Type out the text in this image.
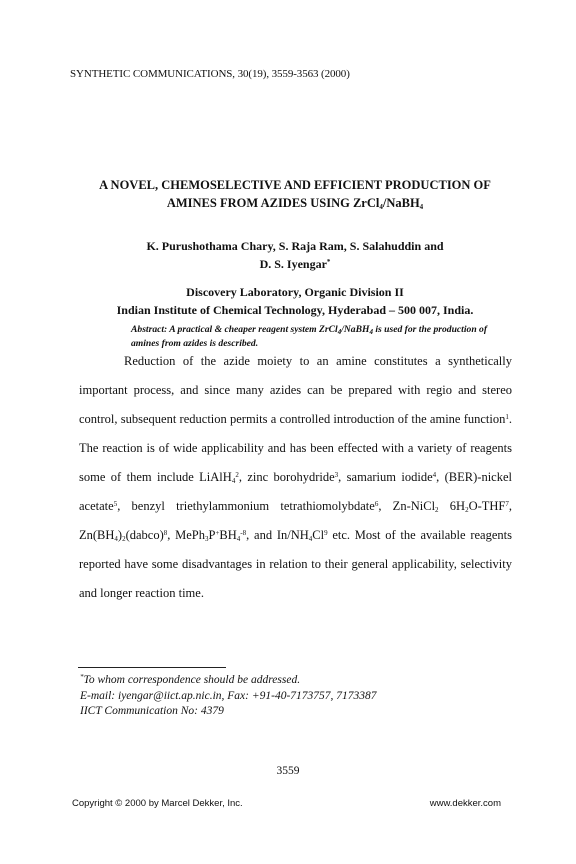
SYNTHETIC COMMUNICATIONS, 30(19), 3559-3563 (2000)
A NOVEL, CHEMOSELECTIVE AND EFFICIENT PRODUCTION OF
AMINES FROM AZIDES USING ZrCl$_4$/NaBH$_4$
K. Purushothama Chary, S. Raja Ram, S. Salahuddin and
D. S. Iyengar*
Discovery Laboratory, Organic Division II
Indian Institute of Chemical Technology, Hyderabad – 500 007, India.
Abstract: A practical & cheaper reagent system ZrCl$_4$/NaBH$_4$ is used for the production of amines from azides is described.

Reduction of the azide moiety to an amine constitutes a synthetically important process, and since many azides can be prepared with regio and stereo control, subsequent reduction permits a controlled introduction of the amine function$^1$. The reaction is of wide applicability and has been effected with a variety of reagents some of them include LiAlH$_4^2$, zinc borohydride$^3$, samarium iodide$^4$, (BER)-nickel acetate$^5$, benzyl triethylammonium tetrathiomolybdate$^6$, Zn-NiCl$_2$ $6H_2O-THF^7$, $Zn(BH_4)_2(dabco)^8$, $MePh_3P^+BH_4^{-8}$, and $In/NH_4Cl^9$ etc. Most of the available reagents reported have some disadvantages in relation to their general applicability, selectivity and longer reaction time.

*To whom correspondence should be addressed.
E-mail: iyengar@iict.ap.nic.in, Fax: +91-40-7173757, 7173387
IICT Communication No: 4379
3559
Copyright © 2000 by Marcel Dekker, Inc.	www.dekker.com
